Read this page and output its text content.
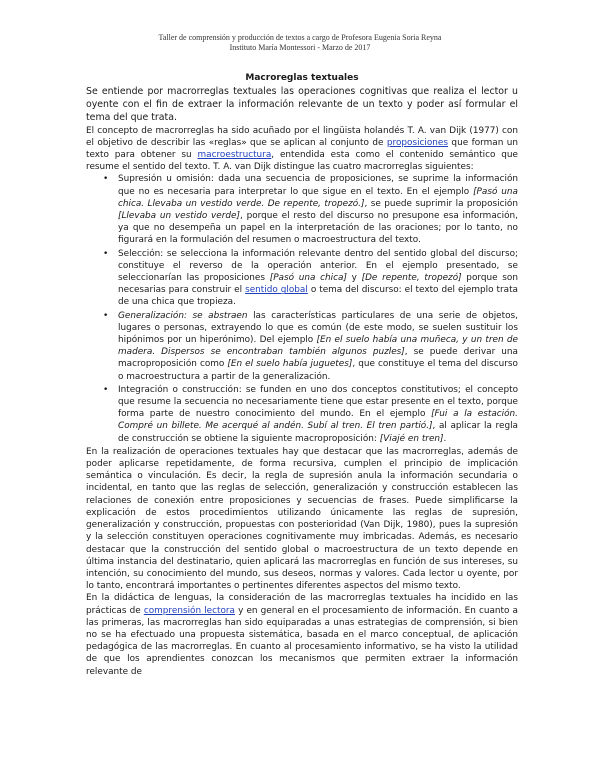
Taller de comprensión y producción de textos a cargo de Profesora Eugenia Soria Reyna
Instituto María Montessori - Marzo de 2017

Macroreglas textuales

Se entiende por macrorreglas textuales las operaciones cognitivas que realiza el lector u oyente con el fin de extraer la información relevante de un texto y poder así formular el tema del que trata.

El concepto de macrorreglas ha sido acuñado por el lingüista holandés T. A. van Dijk (1977) con el objetivo de describir las «reglas» que se aplican al conjunto de proposiciones que forman un texto para obtener su macroestructura, entendida esta como el contenido semántico que resume el sentido del texto. T. A. van Dijk distingue las cuatro macrorreglas siguientes:

• Supresión u omisión: dada una secuencia de proposiciones, se suprime la información que no es necesaria para interpretar lo que sigue en el texto. En el ejemplo [Pasó una chica. Llevaba un vestido verde. De repente, tropezó.], se puede suprimir la proposición [Llevaba un vestido verde], porque el resto del discurso no presupone esa información, ya que no desempeña un papel en la interpretación de las oraciones; por lo tanto, no figurará en la formulación del resumen o macroestructura del texto.
• Selección: se selecciona la información relevante dentro del sentido global del discurso; constituye el reverso de la operación anterior. En el ejemplo presentado, se seleccionarían las proposiciones [Pasó una chica] y [De repente, tropezó] porque son necesarias para construir el sentido global o tema del discurso: el texto del ejemplo trata de una chica que tropieza.
• Generalización: se abstraen las características particulares de una serie de objetos, lugares o personas, extrayendo lo que es común (de este modo, se suelen sustituir los hipónimos por un hiperónimo). Del ejemplo [En el suelo había una muñeca, y un tren de madera. Dispersos se encontraban también algunos puzles], se puede derivar una macroproposición como [En el suelo había juguetes], que constituye el tema del discurso o macroestructura a partir de la generalización.
• Integración o construcción: se funden en uno dos conceptos constitutivos; el concepto que resume la secuencia no necesariamente tiene que estar presente en el texto, porque forma parte de nuestro conocimiento del mundo. En el ejemplo [Fui a la estación. Compré un billete. Me acerqué al andén. Subí al tren. El tren partió.], al aplicar la regla de construcción se obtiene la siguiente macroproposición: [Viajé en tren].

En la realización de operaciones textuales hay que destacar que las macrorreglas, además de poder aplicarse repetidamente, de forma recursiva, cumplen el principio de implicación semántica o vinculación. Es decir, la regla de supresión anula la información secundaria o incidental, en tanto que las reglas de selección, generalización y construcción establecen las relaciones de conexión entre proposiciones y secuencias de frases. Puede simplificarse la explicación de estos procedimientos utilizando únicamente las reglas de supresión, generalización y construcción, propuestas con posterioridad (Van Dijk, 1980), pues la supresión y la selección constituyen operaciones cognitivamente muy imbricadas. Además, es necesario destacar que la construcción del sentido global o macroestructura de un texto depende en última instancia del destinatario, quien aplicará las macrorreglas en función de sus intereses, su intención, su conocimiento del mundo, sus deseos, normas y valores. Cada lector u oyente, por lo tanto, encontrará importantes o pertinentes diferentes aspectos del mismo texto.

En la didáctica de lenguas, la consideración de las macrorreglas textuales ha incidido en las prácticas de comprensión lectora y en general en el procesamiento de información. En cuanto a las primeras, las macrorreglas han sido equiparadas a unas estrategias de comprensión, si bien no se ha efectuado una propuesta sistemática, basada en el marco conceptual, de aplicación pedagógica de las macrorreglas. En cuanto al procesamiento informativo, se ha visto la utilidad de que los aprendientes conozcan los mecanismos que permiten extraer la información relevante de
